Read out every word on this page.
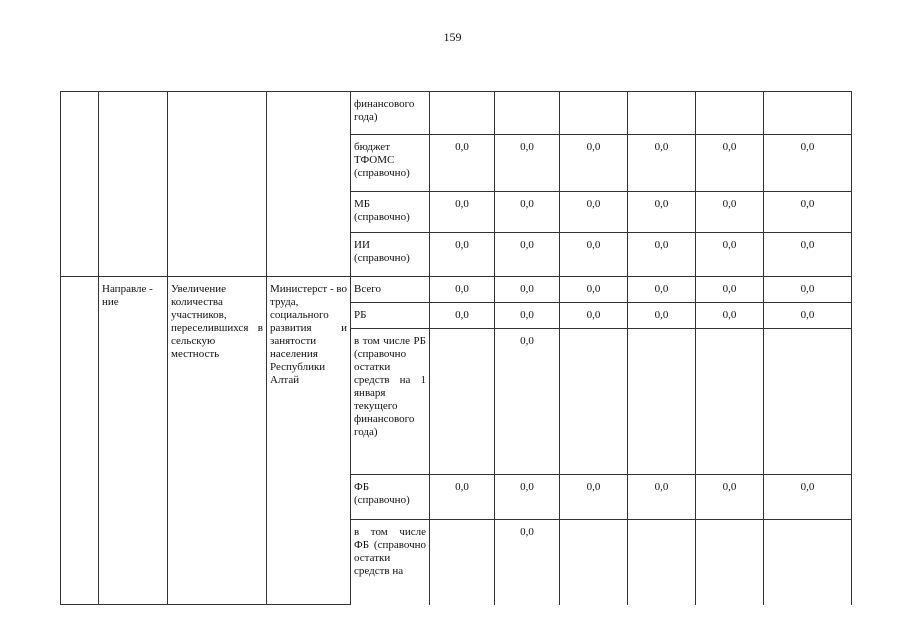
159
				финансового года)						
				бюджет ТФОМС (справочно)	0,0	0,0	0,0	0,0	0,0	0,0
				МБ (справочно)	0,0	0,0	0,0	0,0	0,0	0,0
				ИИ (справочно)	0,0	0,0	0,0	0,0	0,0	0,0
	Направле - ние	Увеличение количества участников, переселившихся в сельскую местность	Министерст - во труда, социального развития и занятости населения Республики Алтай	Всего	0,0	0,0	0,0	0,0	0,0	0,0
				РБ	0,0	0,0	0,0	0,0	0,0	0,0
				в том числе РБ (справочно остатки средств на 1 января текущего финансового года)		0,0				
				ФБ (справочно)	0,0	0,0	0,0	0,0	0,0	0,0
				в том числе ФБ (справочно остатки средств на		0,0				
